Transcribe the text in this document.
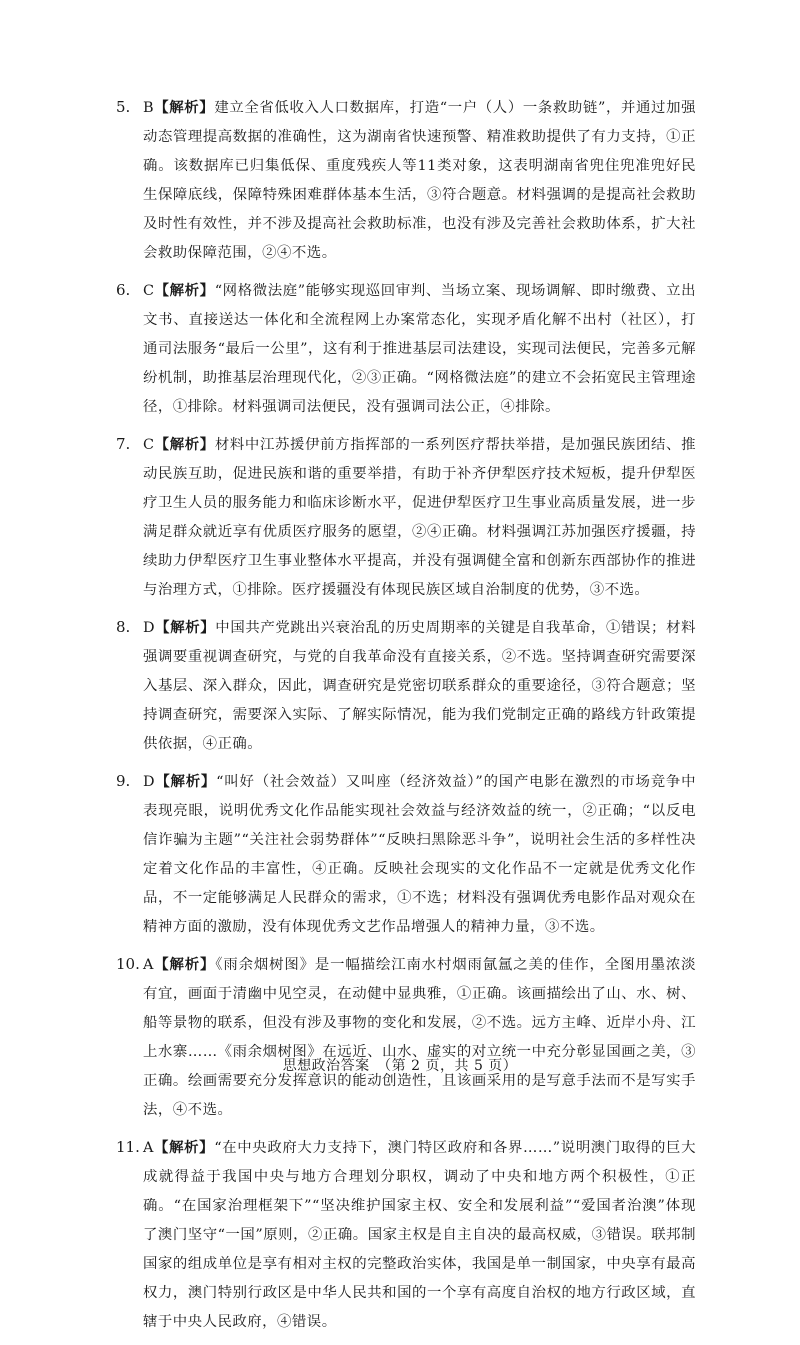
5. B【解析】建立全省低收入人口数据库，打造“一户（人）一条救助链”，并通过加强动态管理提高数据的准确性，这为湖南省快速预警、精准救助提供了有力支持，①正确。该数据库已归集低保、重度残疾人等11类对象，这表明湖南省兜住兜准兜好民生保障底线，保障特殊困难群体基本生活，③符合题意。材料强调的是提高社会救助及时性有效性，并不涉及提高社会救助标准，也没有涉及完善社会救助体系，扩大社会救助保障范围，②④不选。
6. C【解析】“网格微法庭”能够实现巡回审判、当场立案、现场调解、即时缴费、立出文书、直接送达一体化和全流程网上办案常态化，实现矛盾化解不出村（社区），打通司法服务“最后一公里”，这有利于推进基层司法建设，实现司法便民，完善多元解纷机制，助推基层治理现代化，②③正确。“网格微法庭”的建立不会拓宽民主管理途径，①排除。材料强调司法便民，没有强调司法公正，④排除。
7. C【解析】材料中江苏援伊前方指挥部的一系列医疗帮扶举措，是加强民族团结、推动民族互助，促进民族和谐的重要举措，有助于补齐伊犁医疗技术短板，提升伊犁医疗卫生人员的服务能力和临床诊断水平，促进伊犁医疗卫生事业高质量发展，进一步满足群众就近享有优质医疗服务的愿望，②④正确。材料强调江苏加强医疗援疆，持续助力伊犁医疗卫生事业整体水平提高，并没有强调健全富和创新东西部协作的推进与治理方式，①排除。医疗援疆没有体现民族区域自治制度的优势，③不选。
8. D【解析】中国共产党跳出兴衰治乱的历史周期率的关键是自我革命，①错误；材料强调要重视调查研究，与党的自我革命没有直接关系，②不选。坚持调查研究需要深入基层、深入群众，因此，调查研究是党密切联系群众的重要途径，③符合题意；坚持调查研究，需要深入实际、了解实际情况，能为我们党制定正确的路线方针政策提供依据，④正确。
9. D【解析】“叫好（社会效益）又叫座（经济效益）”的国产电影在激烈的市场竞争中表现亮眼，说明优秀文化作品能实现社会效益与经济效益的统一，②正确；“以反电信诈骗为主题”“关注社会弱势群体”“反映扫黑除恶斗争”，说明社会生活的多样性决定着文化作品的丰富性，④正确。反映社会现实的文化作品不一定就是优秀文化作品，不一定能够满足人民群众的需求，①不选；材料没有强调优秀电影作品对观众在精神方面的激励，没有体现优秀文艺作品增强人的精神力量，③不选。
10. A【解析】《雨余烟树图》是一幅描绘江南水村烟雨氤氲之美的佳作，全图用墨浓淡有宜，画面于清幽中见空灵，在动健中显典雅，①正确。该画描绘出了山、水、树、船等景物的联系，但没有涉及事物的变化和发展，②不选。远方主峰、近岸小舟、江上水寨……《雨余烟树图》在远近、山水、虚实的对立统一中充分彰显国画之美，③正确。绘画需要充分发挥意识的能动创造性，且该画采用的是写意手法而不是写实手法，④不选。
11. A【解析】“在中央政府大力支持下，澳门特区政府和各界……”说明澳门取得的巨大成就得益于我国中央与地方合理划分职权，调动了中央和地方两个积极性，①正确。“在国家治理框架下”“坚决维护国家主权、安全和发展利益”“爱国者治澳”体现了澳门坚守“一国”原则，②正确。国家主权是自主自决的最高权威，③错误。联邦制国家的组成单位是享有相对主权的完整政治实体，我国是单一制国家，中央享有最高权力，澳门特别行政区是中华人民共和国的一个享有高度自治权的地方行政区域，直辖于中央人民政府，④错误。
思想政治答案　（第 2 页，共 5 页）
